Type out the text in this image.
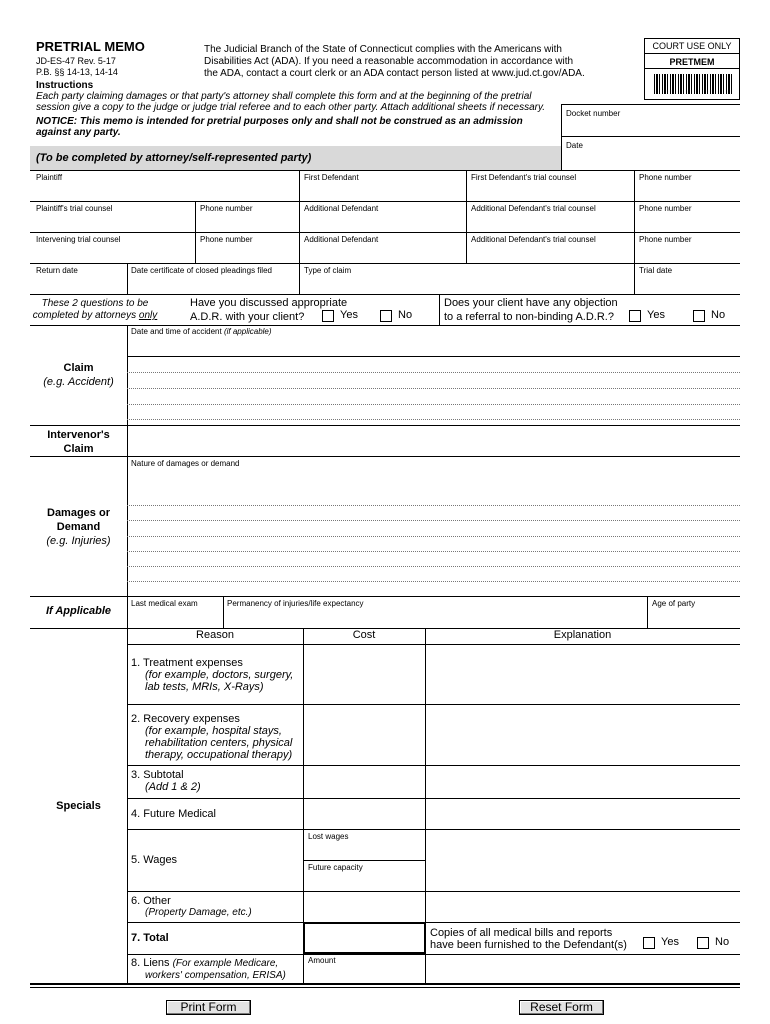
PRETRIAL MEMO
JD-ES-47 Rev. 5-17
P.B. §§ 14-13, 14-14
The Judicial Branch of the State of Connecticut complies with the Americans with
Disabilities Act (ADA). If you need a reasonable accommodation in accordance with
the ADA, contact a court clerk or an ADA contact person listed at www.jud.ct.gov/ADA.
COURT USE ONLY
PRETMEM
Instructions
Each party claiming damages or that party's attorney shall complete this form and at the beginning of the pretrial
session give a copy to the judge or judge trial referee and to each other party. Attach additional sheets if necessary.
NOTICE: This memo is intended for pretrial purposes only and shall not be construed as an admission
against any party.
Docket number
Date
(To be completed by attorney/self-represented party)
Plaintiff	First Defendant	First Defendant's trial counsel	Phone number
Plaintiff's trial counsel	Phone number	Additional Defendant	Additional Defendant's trial counsel	Phone number
Intervening trial counsel	Phone number	Additional Defendant	Additional Defendant's trial counsel	Phone number
Return date	Date certificate of closed pleadings filed	Type of claim	Trial date
These 2 questions to be
completed by attorneys only
Have you discussed appropriate
A.D.R. with your client?	Yes	No
Does your client have any objection
to a referral to non-binding A.D.R.?	Yes	No
Date and time of accident (if applicable)
Claim
(e.g. Accident)
Intervenor's
Claim
Nature of damages or demand
Damages or
Demand
(e.g. Injuries)
Last medical exam	Permanency of injuries/life expectancy	Age of party
If Applicable
Reason	Cost	Explanation
Specials
1. Treatment expenses
(for example, doctors, surgery,
lab tests, MRIs, X-Rays)
2. Recovery expenses
(for example, hospital stays,
rehabilitation centers, physical
therapy, occupational therapy)
3. Subtotal
(Add 1 & 2)
4. Future Medical
5. Wages
Lost wages
Future capacity
6. Other
(Property Damage, etc.)
7. Total	Copies of all medical bills and reports
have been furnished to the Defendant(s)	Yes	No
8. Liens (For example Medicare,
workers' compensation, ERISA)
Amount
Print Form	Reset Form
